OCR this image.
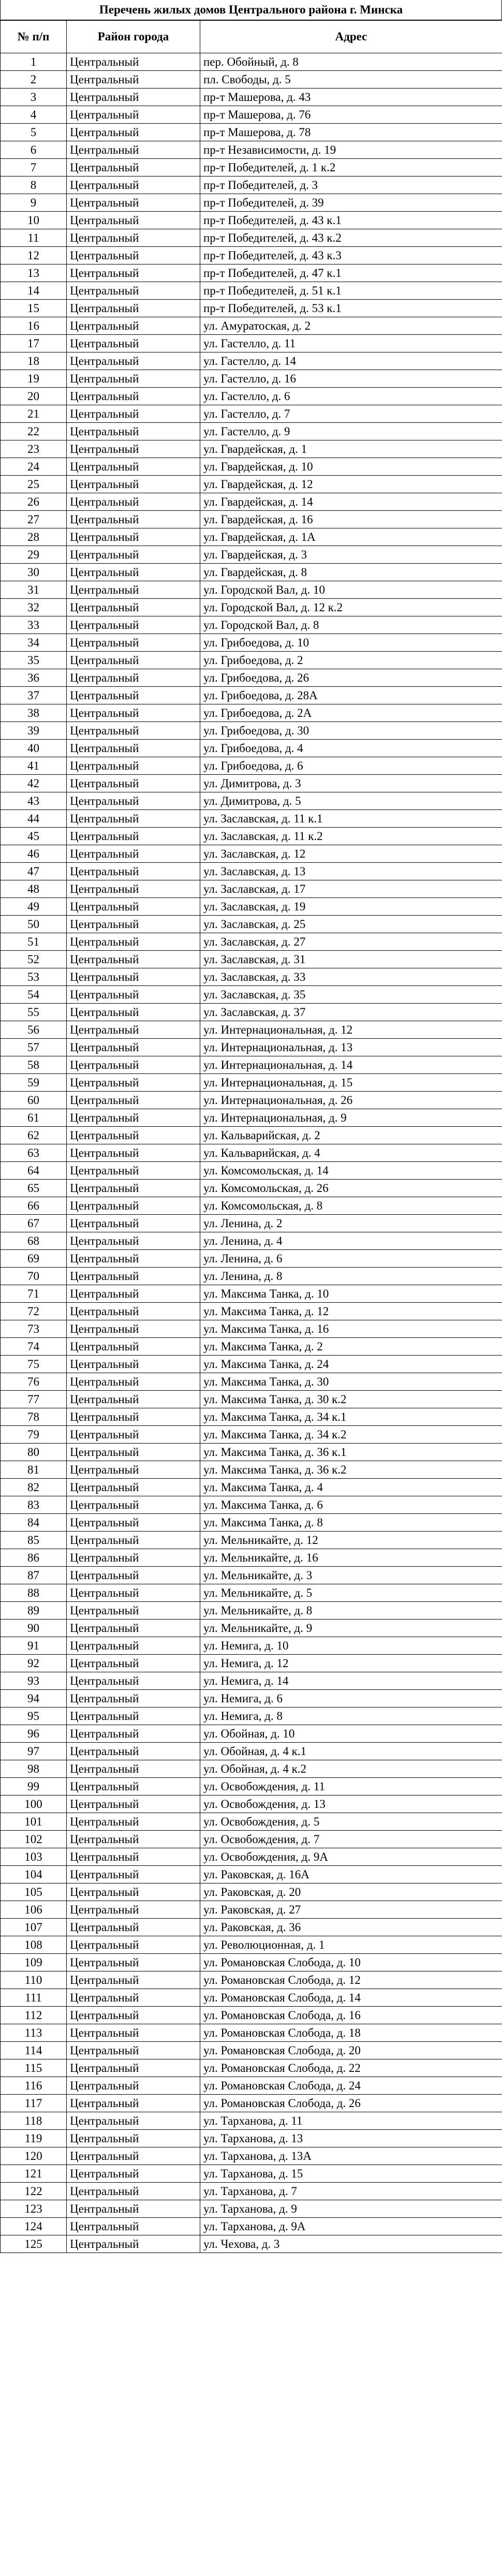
Перечень жилых домов Центрального района г. Минска
№ п/п	Район города	Адрес
1	Центральный	пер. Обойный, д. 8
2	Центральный	пл. Свободы, д. 5
3	Центральный	пр-т Машерова, д. 43
4	Центральный	пр-т Машерова, д. 76
5	Центральный	пр-т Машерова, д. 78
6	Центральный	пр-т Независимости, д. 19
7	Центральный	пр-т Победителей, д. 1 к.2
8	Центральный	пр-т Победителей, д. 3
9	Центральный	пр-т Победителей, д. 39
10	Центральный	пр-т Победителей, д. 43 к.1
11	Центральный	пр-т Победителей, д. 43 к.2
12	Центральный	пр-т Победителей, д. 43 к.3
13	Центральный	пр-т Победителей, д. 47 к.1
14	Центральный	пр-т Победителей, д. 51 к.1
15	Центральный	пр-т Победителей, д. 53 к.1
16	Центральный	ул. Амуратоская, д. 2
17	Центральный	ул. Гастелло, д. 11
18	Центральный	ул. Гастелло, д. 14
19	Центральный	ул. Гастелло, д. 16
20	Центральный	ул. Гастелло, д. 6
21	Центральный	ул. Гастелло, д. 7
22	Центральный	ул. Гастелло, д. 9
23	Центральный	ул. Гвардейская, д. 1
24	Центральный	ул. Гвардейская, д. 10
25	Центральный	ул. Гвардейская, д. 12
26	Центральный	ул. Гвардейская, д. 14
27	Центральный	ул. Гвардейская, д. 16
28	Центральный	ул. Гвардейская, д. 1А
29	Центральный	ул. Гвардейская, д. 3
30	Центральный	ул. Гвардейская, д. 8
31	Центральный	ул. Городской Вал, д. 10
32	Центральный	ул. Городской Вал, д. 12 к.2
33	Центральный	ул. Городской Вал, д. 8
34	Центральный	ул. Грибоедова, д. 10
35	Центральный	ул. Грибоедова, д. 2
36	Центральный	ул. Грибоедова, д. 26
37	Центральный	ул. Грибоедова, д. 28А
38	Центральный	ул. Грибоедова, д. 2А
39	Центральный	ул. Грибоедова, д. 30
40	Центральный	ул. Грибоедова, д. 4
41	Центральный	ул. Грибоедова, д. 6
42	Центральный	ул. Димитрова, д. 3
43	Центральный	ул. Димитрова, д. 5
44	Центральный	ул. Заславская, д. 11 к.1
45	Центральный	ул. Заславская, д. 11 к.2
46	Центральный	ул. Заславская, д. 12
47	Центральный	ул. Заславская, д. 13
48	Центральный	ул. Заславская, д. 17
49	Центральный	ул. Заславская, д. 19
50	Центральный	ул. Заславская, д. 25
51	Центральный	ул. Заславская, д. 27
52	Центральный	ул. Заславская, д. 31
53	Центральный	ул. Заславская, д. 33
54	Центральный	ул. Заславская, д. 35
55	Центральный	ул. Заславская, д. 37
56	Центральный	ул. Интернациональная, д. 12
57	Центральный	ул. Интернациональная, д. 13
58	Центральный	ул. Интернациональная, д. 14
59	Центральный	ул. Интернациональная, д. 15
60	Центральный	ул. Интернациональная, д. 26
61	Центральный	ул. Интернациональная, д. 9
62	Центральный	ул. Кальварийская, д. 2
63	Центральный	ул. Кальварийская, д. 4
64	Центральный	ул. Комсомольская, д. 14
65	Центральный	ул. Комсомольская, д. 26
66	Центральный	ул. Комсомольская, д. 8
67	Центральный	ул. Ленина, д. 2
68	Центральный	ул. Ленина, д. 4
69	Центральный	ул. Ленина, д. 6
70	Центральный	ул. Ленина, д. 8
71	Центральный	ул. Максима Танка, д. 10
72	Центральный	ул. Максима Танка, д. 12
73	Центральный	ул. Максима Танка, д. 16
74	Центральный	ул. Максима Танка, д. 2
75	Центральный	ул. Максима Танка, д. 24
76	Центральный	ул. Максима Танка, д. 30
77	Центральный	ул. Максима Танка, д. 30 к.2
78	Центральный	ул. Максима Танка, д. 34 к.1
79	Центральный	ул. Максима Танка, д. 34 к.2
80	Центральный	ул. Максима Танка, д. 36 к.1
81	Центральный	ул. Максима Танка, д. 36 к.2
82	Центральный	ул. Максима Танка, д. 4
83	Центральный	ул. Максима Танка, д. 6
84	Центральный	ул. Максима Танка, д. 8
85	Центральный	ул. Мельникайте, д. 12
86	Центральный	ул. Мельникайте, д. 16
87	Центральный	ул. Мельникайте, д. 3
88	Центральный	ул. Мельникайте, д. 5
89	Центральный	ул. Мельникайте, д. 8
90	Центральный	ул. Мельникайте, д. 9
91	Центральный	ул. Немига, д. 10
92	Центральный	ул. Немига, д. 12
93	Центральный	ул. Немига, д. 14
94	Центральный	ул. Немига, д. 6
95	Центральный	ул. Немига, д. 8
96	Центральный	ул. Обойная, д. 10
97	Центральный	ул. Обойная, д. 4 к.1
98	Центральный	ул. Обойная, д. 4 к.2
99	Центральный	ул. Освобождения, д. 11
100	Центральный	ул. Освобождения, д. 13
101	Центральный	ул. Освобождения, д. 5
102	Центральный	ул. Освобождения, д. 7
103	Центральный	ул. Освобождения, д. 9А
104	Центральный	ул. Раковская, д. 16А
105	Центральный	ул. Раковская, д. 20
106	Центральный	ул. Раковская, д. 27
107	Центральный	ул. Раковская, д. 36
108	Центральный	ул. Революционная, д. 1
109	Центральный	ул. Романовская Слобода, д. 10
110	Центральный	ул. Романовская Слобода, д. 12
111	Центральный	ул. Романовская Слобода, д. 14
112	Центральный	ул. Романовская Слобода, д. 16
113	Центральный	ул. Романовская Слобода, д. 18
114	Центральный	ул. Романовская Слобода, д. 20
115	Центральный	ул. Романовская Слобода, д. 22
116	Центральный	ул. Романовская Слобода, д. 24
117	Центральный	ул. Романовская Слобода, д. 26
118	Центральный	ул. Тарханова, д. 11
119	Центральный	ул. Тарханова, д. 13
120	Центральный	ул. Тарханова, д. 13А
121	Центральный	ул. Тарханова, д. 15
122	Центральный	ул. Тарханова, д. 7
123	Центральный	ул. Тарханова, д. 9
124	Центральный	ул. Тарханова, д. 9А
125	Центральный	ул. Чехова, д. 3
